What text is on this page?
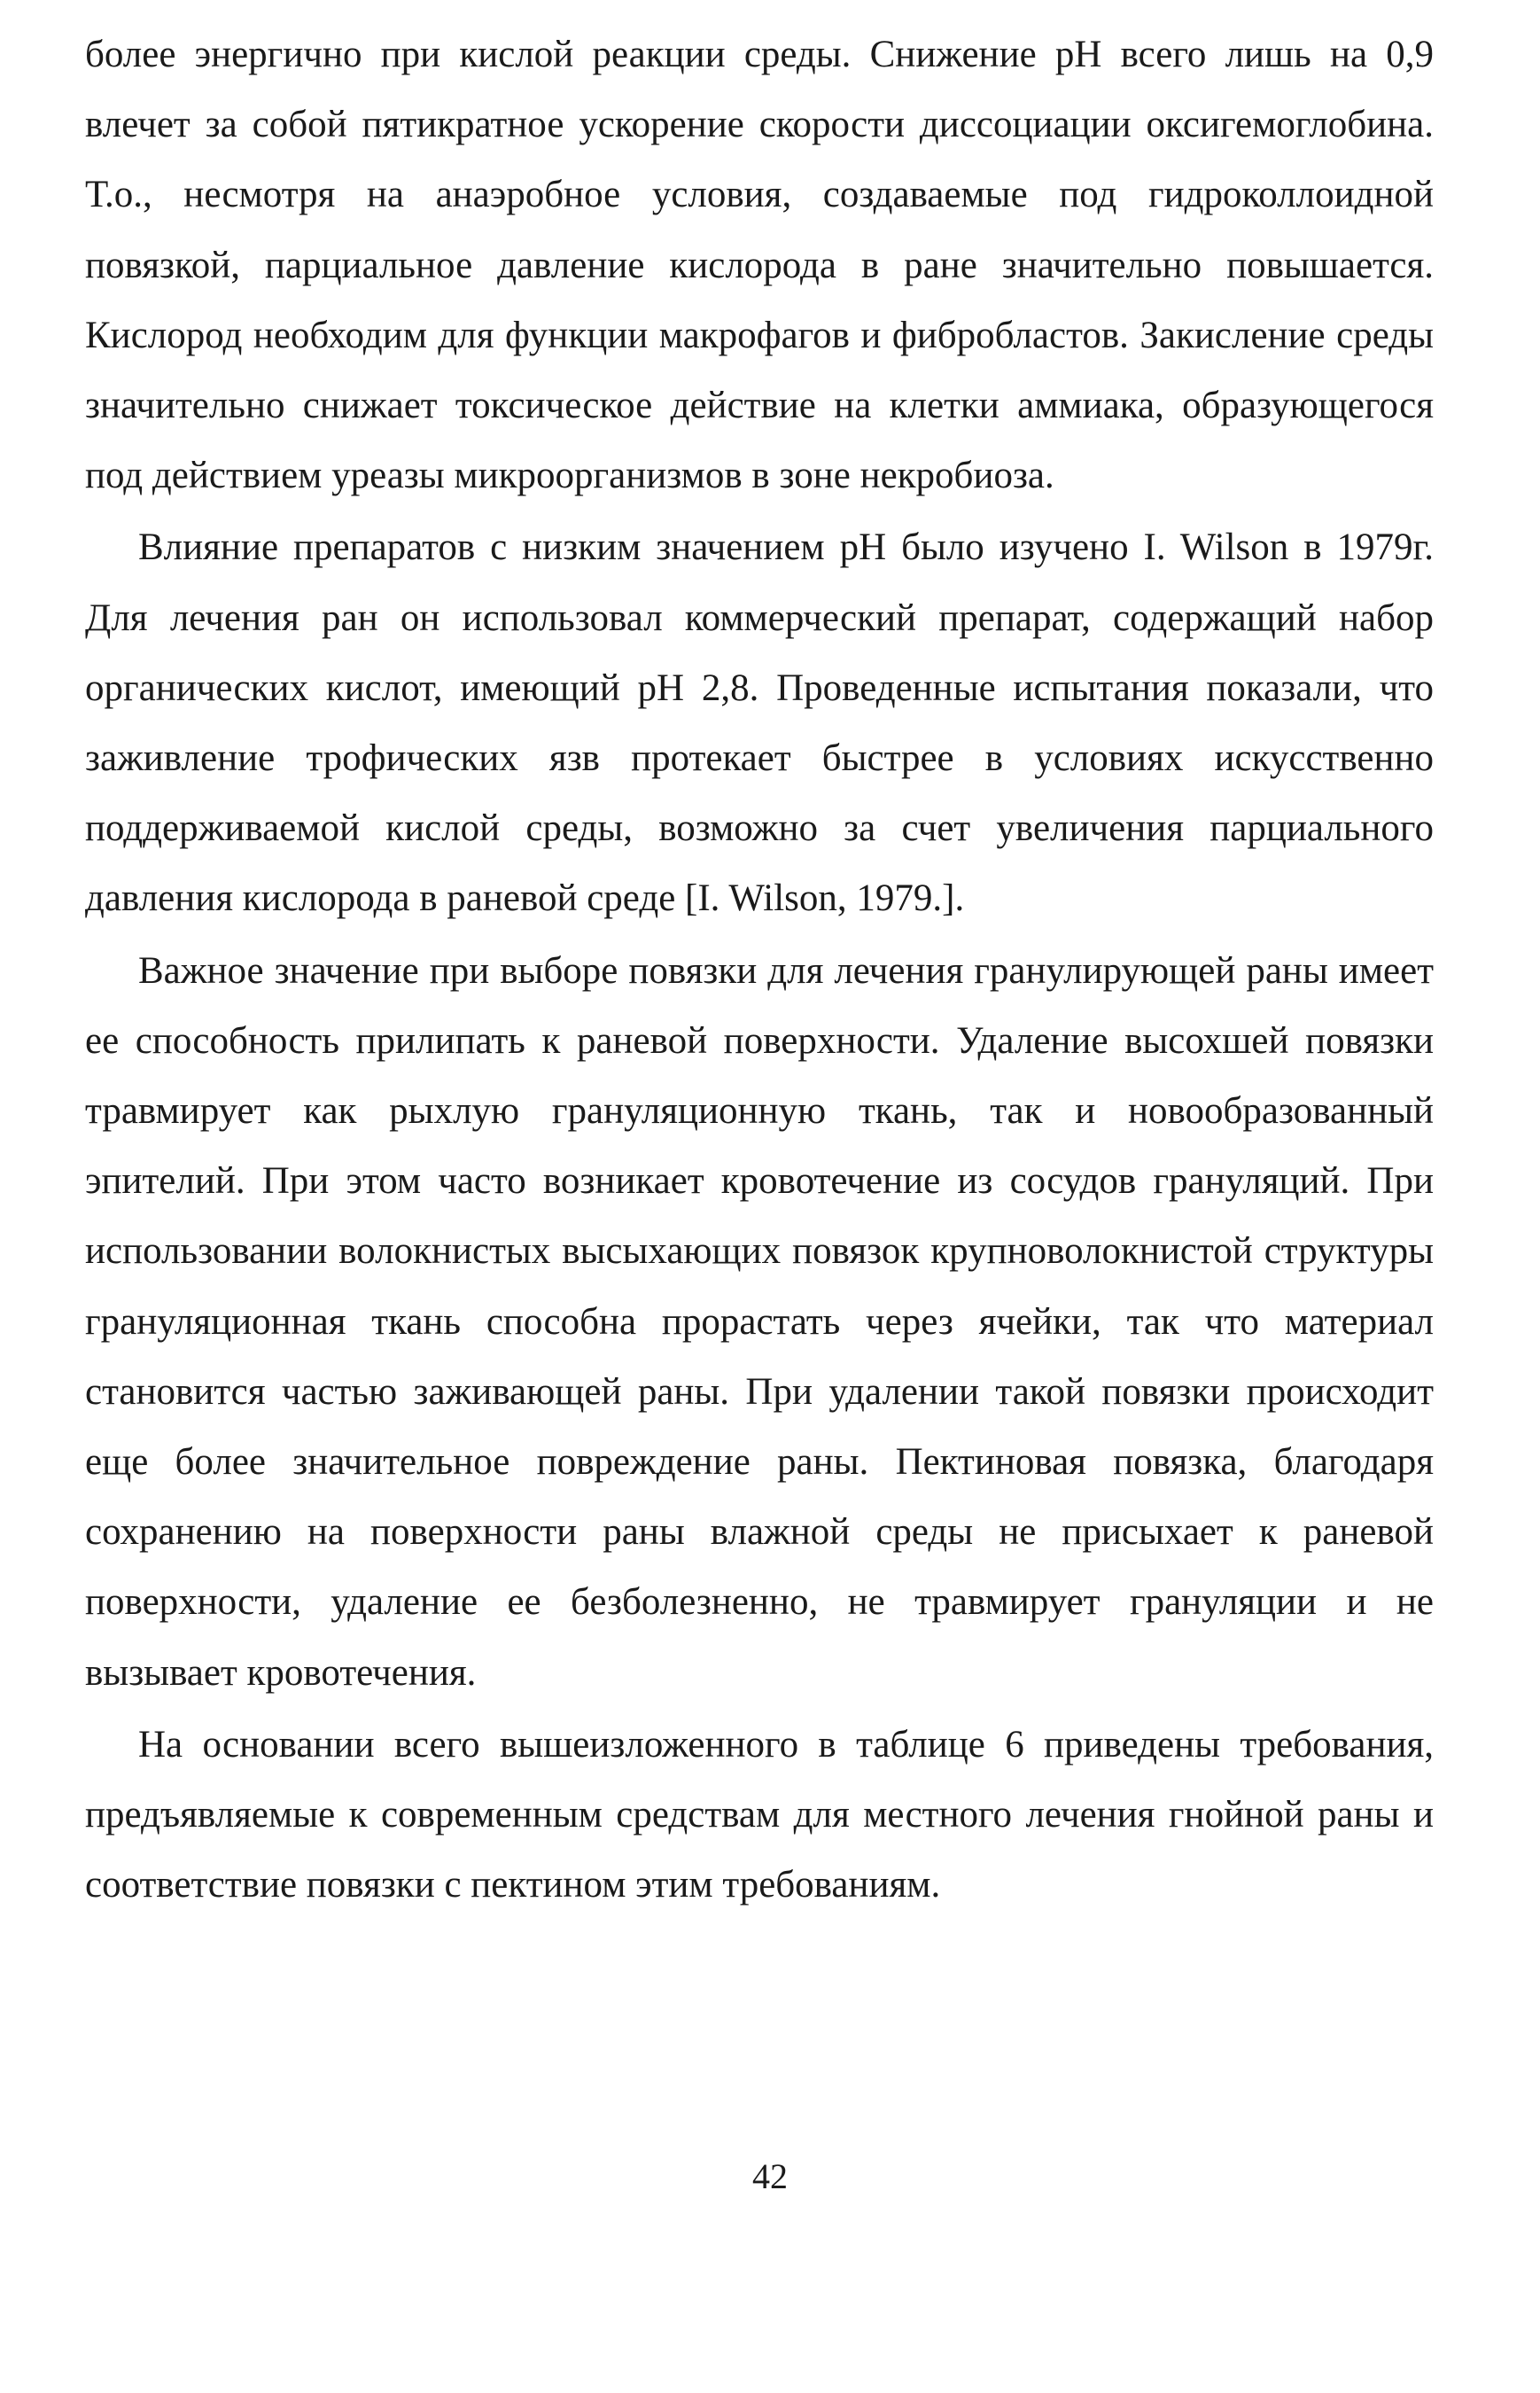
более энергично при кислой реакции среды. Снижение pH всего лишь на 0,9 влечет за собой пятикратное ускорение скорости диссоциации оксигемоглобина. Т.о., несмотря на анаэробное условия, создаваемые под гидроколлоидной повязкой, парциальное давление кислорода в ране значительно повышается. Кислород необходим для функции макрофагов и фибробластов. Закисление среды значительно снижает токсическое действие на клетки аммиака, образующегося под действием уреазы микроорганизмов в зоне некробиоза.

Влияние препаратов с низким значением pH было изучено I. Wilson в 1979г. Для лечения ран он использовал коммерческий препарат, содержащий набор органических кислот, имеющий pH 2,8. Проведенные испытания показали, что заживление трофических язв протекает быстрее в условиях искусственно поддерживаемой кислой среды, возможно за счет увеличения парциального давления кислорода в раневой среде [I. Wilson, 1979.].

Важное значение при выборе повязки для лечения гранулирующей раны имеет ее способность прилипать к раневой поверхности. Удаление высохшей повязки травмирует как рыхлую грануляционную ткань, так и новообразованный эпителий. При этом часто возникает кровотечение из сосудов грануляций. При использовании волокнистых высыхающих повязок крупноволокнистой структуры грануляционная ткань способна прорастать через ячейки, так что материал становится частью заживающей раны. При удалении такой повязки происходит еще более значительное повреждение раны. Пектиновая повязка, благодаря сохранению на поверхности раны влажной среды не присыхает к раневой поверхности, удаление ее безболезненно, не травмирует грануляции и не вызывает кровотечения.

На основании всего вышеизложенного в таблице 6 приведены требования, предъявляемые к современным средствам для местного лечения гнойной раны и соответствие повязки с пектином этим требованиям.

42
